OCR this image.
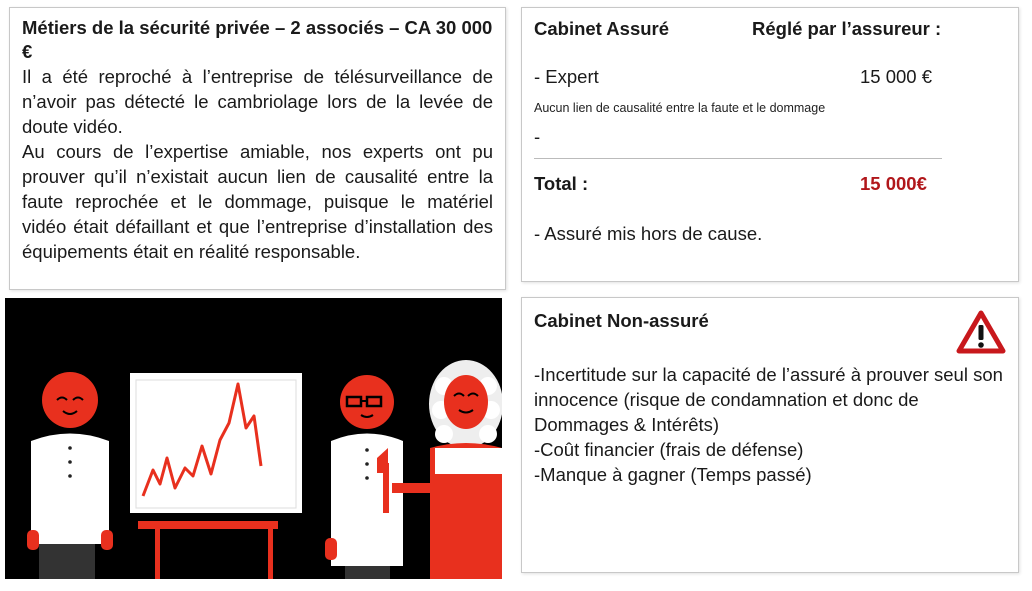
Métiers de la sécurité privée – 2 associés – CA 30 000 €

Il a été reproché à l’entreprise de télésurveillance de n’avoir pas détecté le cambriolage lors de la levée de doute vidéo.

Au cours de l’expertise amiable, nos experts ont pu prouver qu’il n’existait aucun lien de causalité entre la faute reprochée et le dommage, puisque le matériel vidéo était défaillant et que l’entreprise d’installation des équipements était en réalité responsable.

Cabinet Assuré	Réglé par l’assureur :
- Expert	15 000 €
Aucun lien de causalité entre la faute et le dommage
-
Total :	15 000€
- Assuré mis hors de cause.
Cabinet Non-assuré
-Incertitude sur la capacité de l’assuré à prouver seul son innocence (risque de condamnation et donc de Dommages & Intérêts)
-Coût financier (frais de défense)
-Manque à gagner (Temps passé)
